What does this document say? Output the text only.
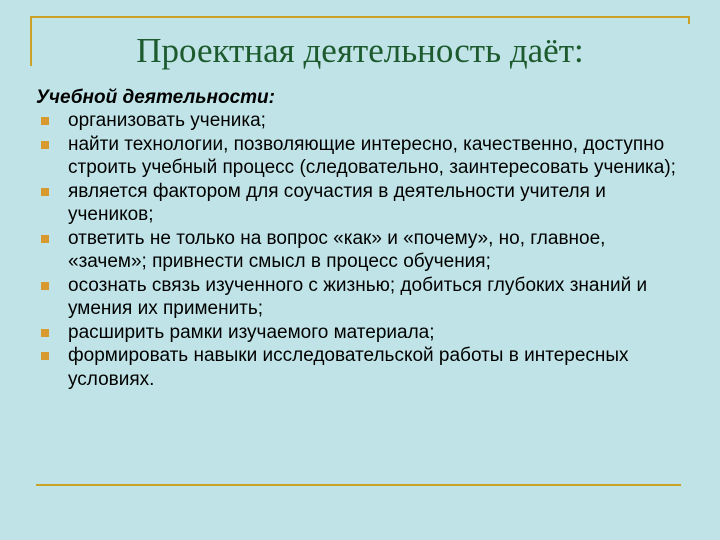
Проектная деятельность даёт:

Учебной деятельности:

организовать ученика;
найти технологии, позволяющие интересно, качественно, доступно строить учебный процесс (следовательно, заинтересовать ученика);
является фактором для соучастия в деятельности учителя и учеников;
ответить не только на вопрос «как» и «почему», но, главное, «зачем»; привнести смысл в процесс обучения;
осознать связь изученного с жизнью; добиться глубоких знаний и умения их применить;
расширить рамки изучаемого материала;
формировать навыки исследовательской работы в интересных условиях.
